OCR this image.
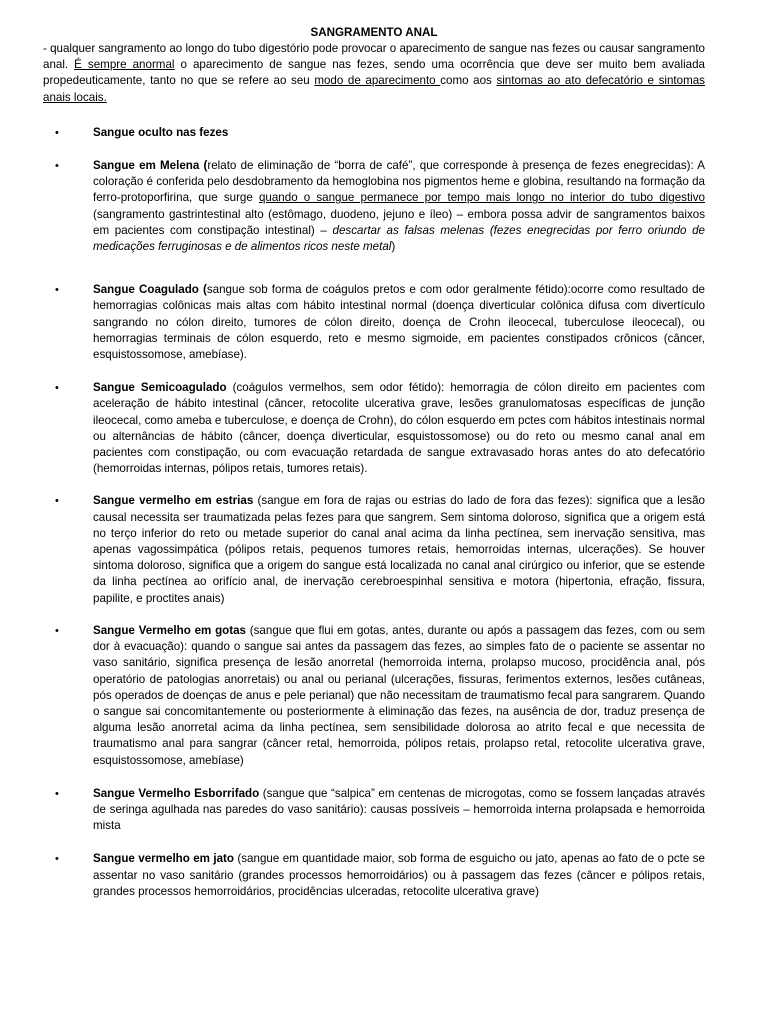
SANGRAMENTO ANAL

- qualquer sangramento ao longo do tubo digestório pode provocar o aparecimento de sangue nas fezes ou causar sangramento anal. É sempre anormal o aparecimento de sangue nas fezes, sendo uma ocorrência que deve ser muito bem avaliada propedeuticamente, tanto no que se refere ao seu modo de aparecimento como aos sintomas ao ato defecatório e sintomas anais locais.

•	Sangue oculto nas fezes
•	Sangue em Melena (relato de eliminação de “borra de café”, que corresponde à presença de fezes enegrecidas): A coloração é conferida pelo desdobramento da hemoglobina nos pigmentos heme e globina, resultando na formação da ferro-protoporfirina, que surge quando o sangue permanece por tempo mais longo no interior do tubo digestivo (sangramento gastrintestinal alto (estômago, duodeno, jejuno e íleo) – embora possa advir de sangramentos baixos em pacientes com constipação intestinal) – descartar as falsas melenas (fezes enegrecidas por ferro oriundo de medicações ferruginosas e de alimentos ricos neste metal)
•	Sangue Coagulado (sangue sob forma de coágulos pretos e com odor geralmente fétido):ocorre como resultado de hemorragias colônicas mais altas com hábito intestinal normal (doença diverticular colônica difusa com divertículo sangrando no cólon direito, tumores de cólon direito, doença de Crohn ileocecal, tuberculose ileocecal), ou hemorragias terminais de cólon esquerdo, reto e mesmo sigmoide, em pacientes constipados crônicos (câncer, esquistossomose, amebíase).
•	Sangue Semicoagulado (coágulos vermelhos, sem odor fétido): hemorragia de cólon direito em pacientes com aceleração de hábito intestinal (câncer, retocolite ulcerativa grave, lesões granulomatosas específicas de junção ileocecal, como ameba e tuberculose, e doença de Crohn), do cólon esquerdo em pctes com hábitos intestinais normal ou alternâncias de hábito (câncer, doença diverticular, esquistossomose) ou do reto ou mesmo canal anal em pacientes com constipação, ou com evacuação retardada de sangue extravasado horas antes do ato defecatório (hemorroidas internas, pólipos retais, tumores retais).
•	Sangue vermelho em estrias (sangue em fora de rajas ou estrias do lado de fora das fezes): significa que a lesão causal necessita ser traumatizada pelas fezes para que sangrem. Sem sintoma doloroso, significa que a origem está no terço inferior do reto ou metade superior do canal anal acima da linha pectínea, sem inervação sensitiva, mas apenas vagossimpática (pólipos retais, pequenos tumores retais, hemorroidas internas, ulcerações). Se houver sintoma doloroso, significa que a origem do sangue está localizada no canal anal cirúrgico ou inferior, que se estende da linha pectínea ao orifício anal, de inervação cerebroespinhal sensitiva e motora (hipertonia, efração, fissura, papilite, e proctites anais)
•	Sangue Vermelho em gotas (sangue que flui em gotas, antes, durante ou após a passagem das fezes, com ou sem dor à evacuação): quando o sangue sai antes da passagem das fezes, ao simples fato de o paciente se assentar no vaso sanitário, significa presença de lesão anorretal (hemorroida interna, prolapso mucoso, procidência anal, pós operatório de patologias anorretais) ou anal ou perianal (ulcerações, fissuras, ferimentos externos, lesões cutâneas, pós operados de doenças de anus e pele perianal) que não necessitam de traumatismo fecal para sangrarem. Quando o sangue sai concomitantemente ou posteriormente à eliminação das fezes, na ausência de dor, traduz presença de alguma lesão anorretal acima da linha pectínea, sem sensibilidade dolorosa ao atrito fecal e que necessita de traumatismo anal para sangrar (câncer retal, hemorroida, pólipos retais, prolapso retal, retocolite ulcerativa grave, esquistossomose, amebíase)
•	Sangue Vermelho Esborrifado (sangue que “salpica” em centenas de microgotas, como se fossem lançadas através de seringa agulhada nas paredes do vaso sanitário): causas possíveis – hemorroida interna prolapsada e hemorroida mista
•	Sangue vermelho em jato (sangue em quantidade maior, sob forma de esguicho ou jato, apenas ao fato de o pcte se assentar no vaso sanitário (grandes processos hemorroidários) ou à passagem das fezes (câncer e pólipos retais, grandes processos hemorroidários, procidências ulceradas, retocolite ulcerativa grave)
